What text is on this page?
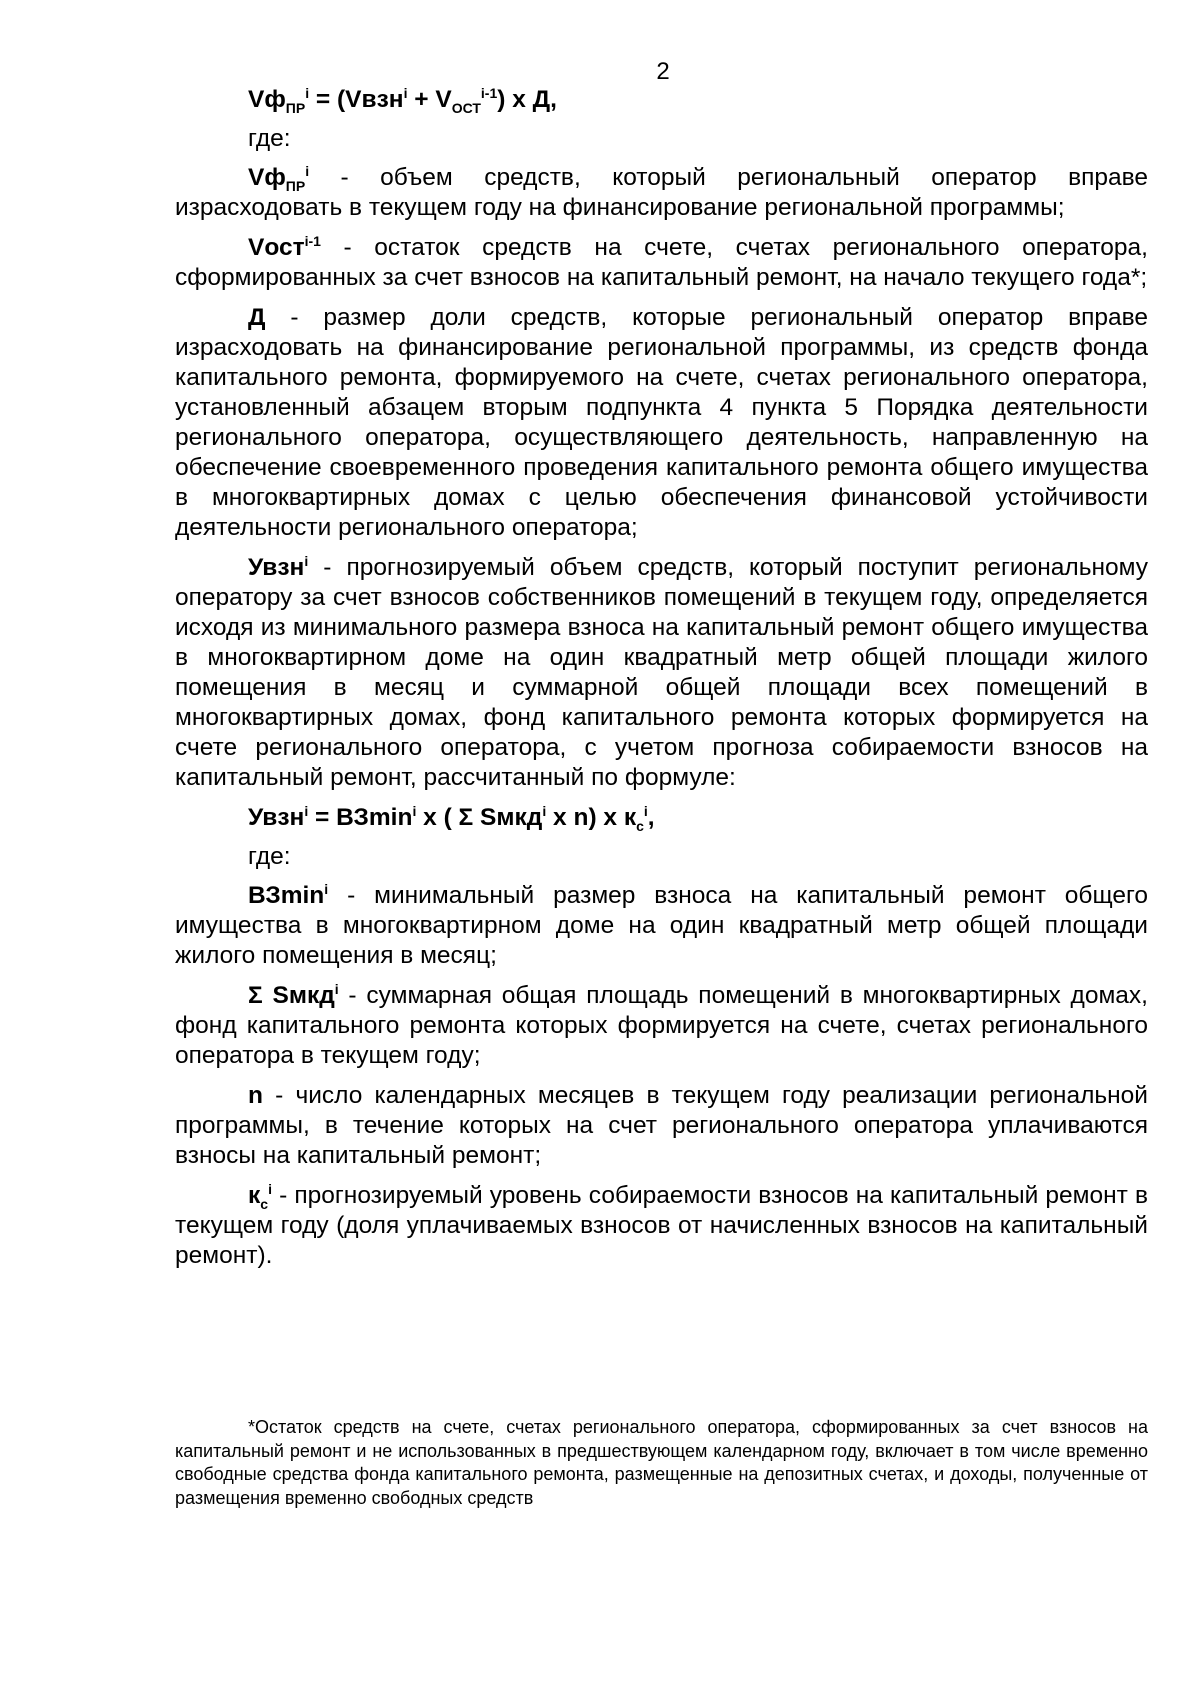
2
$Vф_{ПР}^i$ = (Vвзн$^i$ + $V_{ОСТ}^{i-1}$) х Д,
где:

$Vф_{ПР}^i$ - объем средств, который региональный оператор вправе израсходовать в текущем году на финансирование региональной программы;

Vост$^{i-1}$ - остаток средств на счете, счетах регионального оператора, сформированных за счет взносов на капитальный ремонт, на начало текущего года*;

Д - размер доли средств, которые региональный оператор вправе израсходовать на финансирование региональной программы, из средств фонда капитального ремонта, формируемого на счете, счетах регионального оператора, установленный абзацем вторым подпункта 4 пункта 5 Порядка деятельности регионального оператора, осуществляющего деятельность, направленную на обеспечение своевременного проведения капитального ремонта общего имущества в многоквартирных домах с целью обеспечения финансовой устойчивости деятельности регионального оператора;

Увзн$^i$ - прогнозируемый объем средств, который поступит региональному оператору за счет взносов собственников помещений в текущем году, определяется исходя из минимального размера взноса на капитальный ремонт общего имущества в многоквартирном доме на один квадратный метр общей площади жилого помещения в месяц и суммарной общей площади всех помещений в многоквартирных домах, фонд капитального ремонта которых формируется на счете регионального оператора, с учетом прогноза собираемости взносов на капитальный ремонт, рассчитанный по формуле:

Увзн$^i$ = ВЗmin$^i$ х ( Σ Sмкд$^i$ х n) х $к_с^i$,
где:

ВЗmin$^i$ - минимальный размер взноса на капитальный ремонт общего имущества в многоквартирном доме на один квадратный метр общей площади жилого помещения в месяц;

Σ Sмкд$^i$ - суммарная общая площадь помещений в многоквартирных домах, фонд капитального ремонта которых формируется на счете, счетах регионального оператора в текущем году;

n - число календарных месяцев в текущем году реализации региональной программы, в течение которых на счет регионального оператора уплачиваются взносы на капитальный ремонт;

$к_с^i$ - прогнозируемый уровень собираемости взносов на капитальный ремонт в текущем году (доля уплачиваемых взносов от начисленных взносов на капитальный ремонт).

*Остаток средств на счете, счетах регионального оператора, сформированных за счет взносов на капитальный ремонт и не использованных в предшествующем календарном году, включает в том числе временно свободные средства фонда капитального ремонта, размещенные на депозитных счетах, и доходы, полученные от размещения временно свободных средств
